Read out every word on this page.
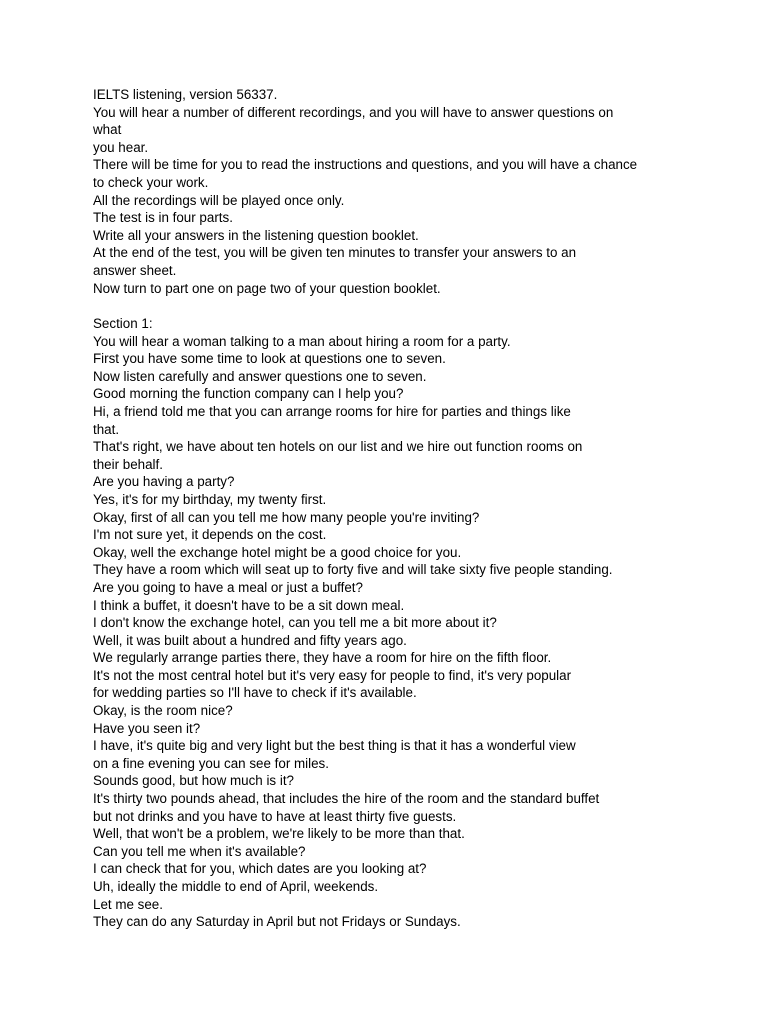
IELTS listening, version 56337.
You will hear a number of different recordings, and you will have to answer questions on
what
you hear.
There will be time for you to read the instructions and questions, and you will have a chance
to check your work.
All the recordings will be played once only.
The test is in four parts.
Write all your answers in the listening question booklet.
At the end of the test, you will be given ten minutes to transfer your answers to an
answer sheet.
Now turn to part one on page two of your question booklet.
Section 1:
You will hear a woman talking to a man about hiring a room for a party.
First you have some time to look at questions one to seven.
Now listen carefully and answer questions one to seven.
Good morning the function company can I help you?
Hi, a friend told me that you can arrange rooms for hire for parties and things like
that.
That's right, we have about ten hotels on our list and we hire out function rooms on
their behalf.
Are you having a party?
Yes, it's for my birthday, my twenty first.
Okay, first of all can you tell me how many people you're inviting?
I'm not sure yet, it depends on the cost.
Okay, well the exchange hotel might be a good choice for you.
They have a room which will seat up to forty five and will take sixty five people standing.
Are you going to have a meal or just a buffet?
I think a buffet, it doesn't have to be a sit down meal.
I don't know the exchange hotel, can you tell me a bit more about it?
Well, it was built about a hundred and fifty years ago.
We regularly arrange parties there, they have a room for hire on the fifth floor.
It's not the most central hotel but it's very easy for people to find, it's very popular
for wedding parties so I'll have to check if it's available.
Okay, is the room nice?
Have you seen it?
I have, it's quite big and very light but the best thing is that it has a wonderful view
on a fine evening you can see for miles.
Sounds good, but how much is it?
It's thirty two pounds ahead, that includes the hire of the room and the standard buffet
but not drinks and you have to have at least thirty five guests.
Well, that won't be a problem, we're likely to be more than that.
Can you tell me when it's available?
I can check that for you, which dates are you looking at?
Uh, ideally the middle to end of April, weekends.
Let me see.
They can do any Saturday in April but not Fridays or Sundays.
